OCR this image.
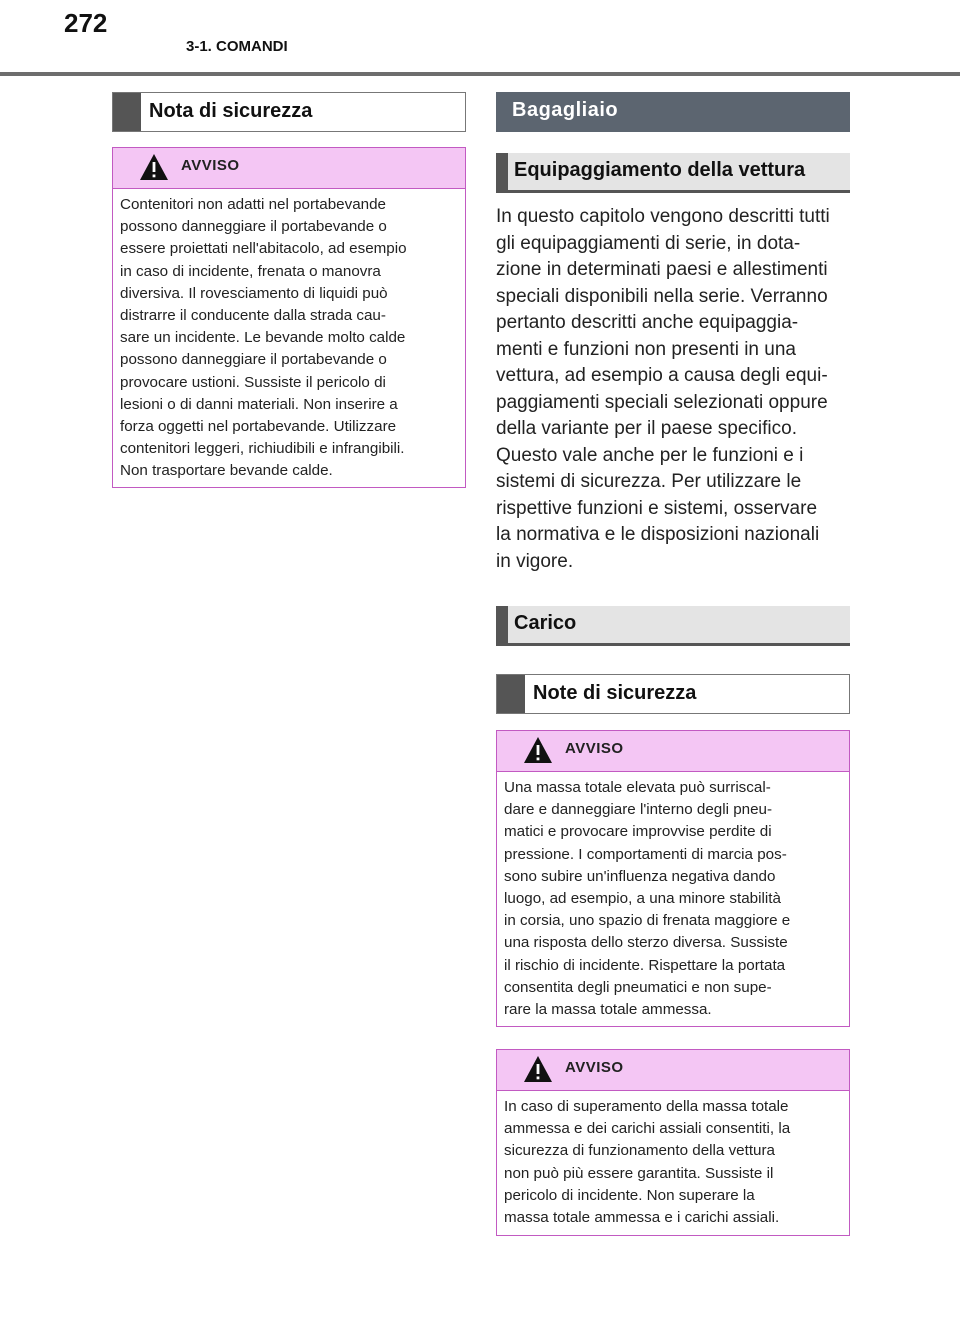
272
3-1. COMANDI
Nota di sicurezza
AVVISO
Contenitori non adatti nel portabevande
possono danneggiare il portabevande o
essere proiettati nell'abitacolo, ad esempio
in caso di incidente, frenata o manovra
diversiva. Il rovesciamento di liquidi può
distrarre il conducente dalla strada cau-
sare un incidente. Le bevande molto calde
possono danneggiare il portabevande o
provocare ustioni. Sussiste il pericolo di
lesioni o di danni materiali. Non inserire a
forza oggetti nel portabevande. Utilizzare
contenitori leggeri, richiudibili e infrangibili.
Non trasportare bevande calde.
Bagagliaio
Equipaggiamento della vettura
In questo capitolo vengono descritti tutti
gli equipaggiamenti di serie, in dota-
zione in determinati paesi e allestimenti
speciali disponibili nella serie. Verranno
pertanto descritti anche equipaggia-
menti e funzioni non presenti in una
vettura, ad esempio a causa degli equi-
paggiamenti speciali selezionati oppure
della variante per il paese specifico.
Questo vale anche per le funzioni e i
sistemi di sicurezza. Per utilizzare le
rispettive funzioni e sistemi, osservare
la normativa e le disposizioni nazionali
in vigore.
Carico
Note di sicurezza
AVVISO
Una massa totale elevata può surriscal-
dare e danneggiare l'interno degli pneu-
matici e provocare improvvise perdite di
pressione. I comportamenti di marcia pos-
sono subire un'influenza negativa dando
luogo, ad esempio, a una minore stabilità
in corsia, uno spazio di frenata maggiore e
una risposta dello sterzo diversa. Sussiste
il rischio di incidente. Rispettare la portata
consentita degli pneumatici e non supe-
rare la massa totale ammessa.
AVVISO
In caso di superamento della massa totale
ammessa e dei carichi assiali consentiti, la
sicurezza di funzionamento della vettura
non può più essere garantita. Sussiste il
pericolo di incidente. Non superare la
massa totale ammessa e i carichi assiali.
